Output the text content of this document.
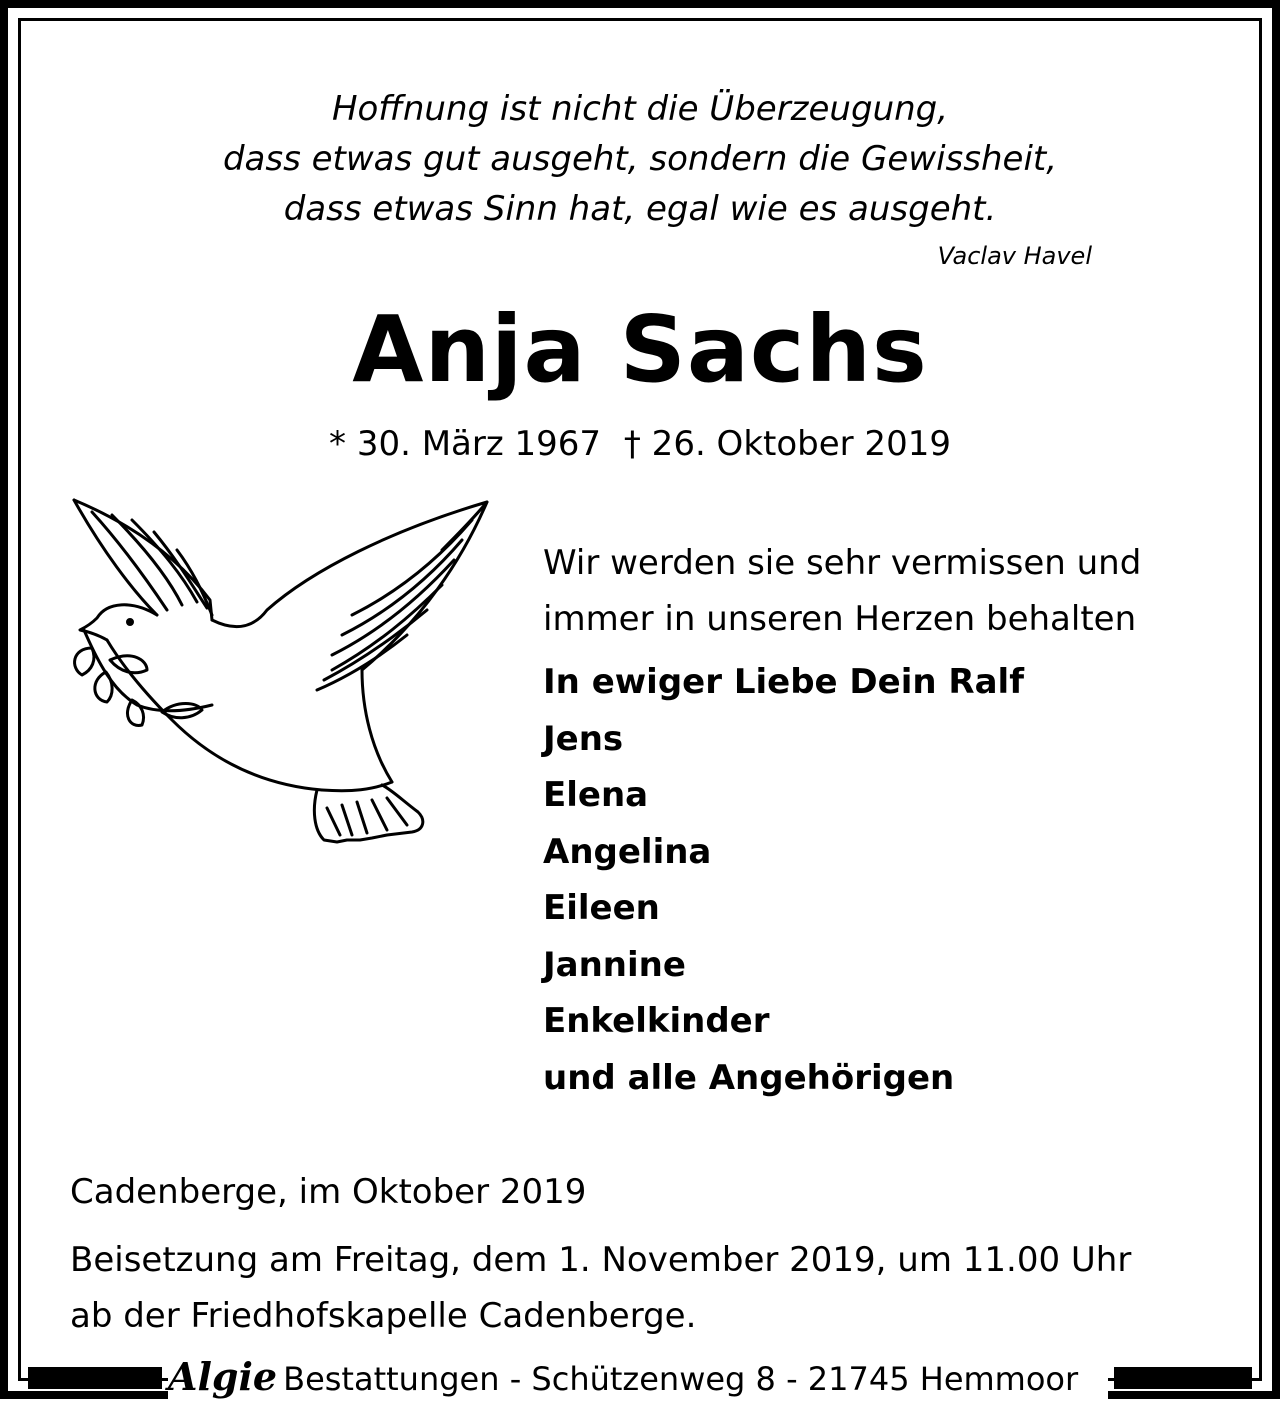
Hoffnung ist nicht die Überzeugung,
dass etwas gut ausgeht, sondern die Gewissheit,
dass etwas Sinn hat, egal wie es ausgeht.
Vaclav Havel
Anja Sachs
* 30. März 1967 † 26. Oktober 2019
Wir werden sie sehr vermissen und
immer in unseren Herzen behalten
In ewiger Liebe Dein Ralf
Jens
Elena
Angelina
Eileen
Jannine
Enkelkinder
und alle Angehörigen
Cadenberge, im Oktober 2019
Beisetzung am Freitag, dem 1. November 2019, um 11.00 Uhr
ab der Friedhofskapelle Cadenberge.
Algie Bestattungen - Schützenweg 8 - 21745 Hemmoor
